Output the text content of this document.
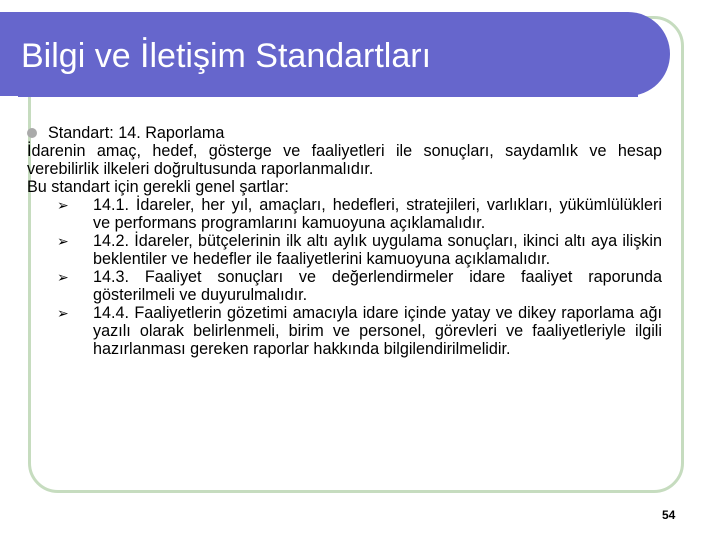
Bilgi ve İletişim Standartları

Standart: 14. Raporlama

İdarenin amaç, hedef, gösterge ve faaliyetleri ile sonuçları, saydamlık ve hesap verebilirlik ilkeleri doğrultusunda raporlanmalıdır.

Bu standart için gerekli genel şartlar:

➢ 14.1. İdareler, her yıl, amaçları, hedefleri, stratejileri, varlıkları, yükümlülükleri ve performans programlarını kamuoyuna açıklamalıdır.
➢ 14.2. İdareler, bütçelerinin ilk altı aylık uygulama sonuçları, ikinci altı aya ilişkin beklentiler ve hedefler ile faaliyetlerini kamuoyuna açıklamalıdır.
➢ 14.3. Faaliyet sonuçları ve değerlendirmeler idare faaliyet raporunda gösterilmeli ve duyurulmalıdır.
➢ 14.4. Faaliyetlerin gözetimi amacıyla idare içinde yatay ve dikey raporlama ağı yazılı olarak belirlenmeli, birim ve personel, görevleri ve faaliyetleriyle ilgili hazırlanması gereken raporlar hakkında bilgilendirilmelidir.
54
